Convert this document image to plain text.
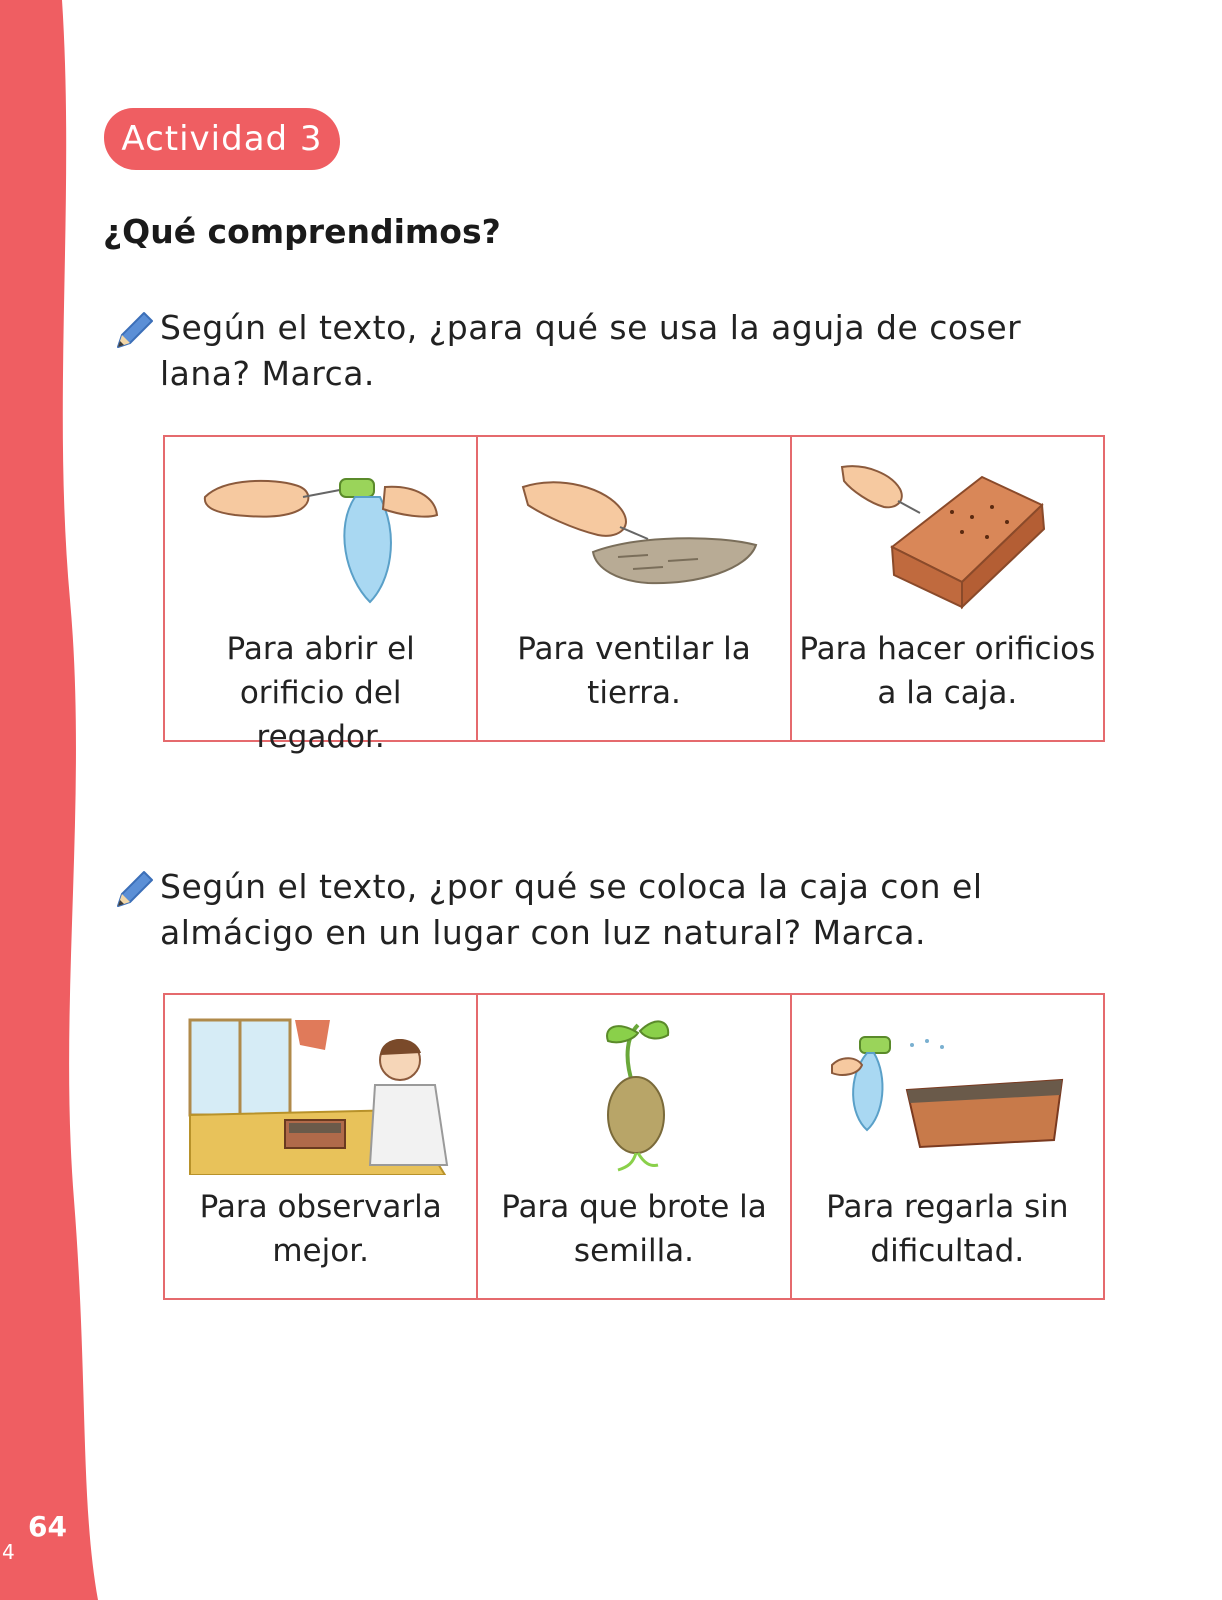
64
4
Actividad 3
¿Qué comprendimos?
Según el texto, ¿para qué se usa la aguja de coser lana? Marca.
Para abrir el orificio del regador.
Para ventilar la tierra.
Para hacer orificios a la caja.
Según el texto, ¿por qué se coloca la caja con el almácigo en un lugar con luz natural? Marca.
Para observarla mejor.
Para que brote la semilla.
Para regarla sin dificultad.
